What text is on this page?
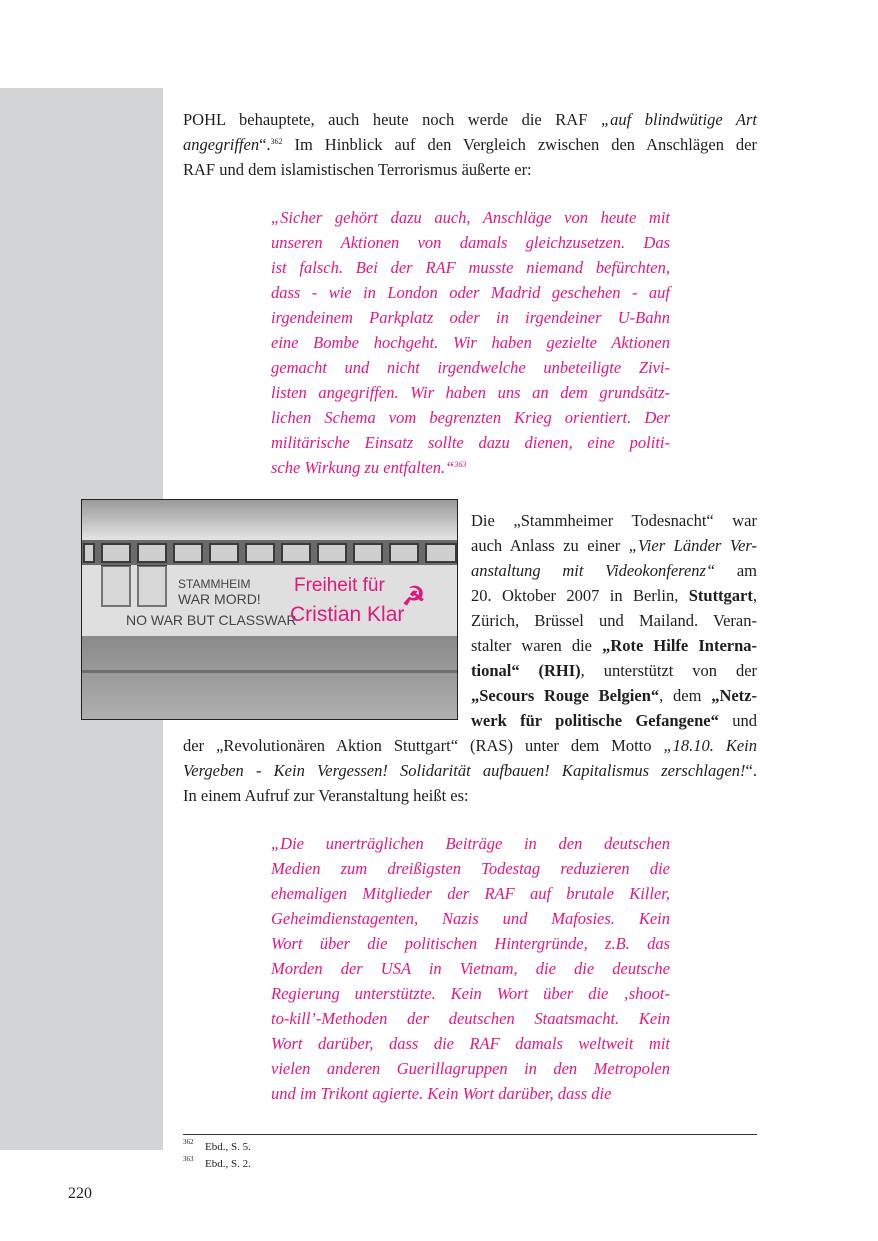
POHL behauptete, auch heute noch werde die RAF „auf blindwütige Art
angegriffen“.$^{362}$ Im Hinblick auf den Vergleich zwischen den Anschlägen der
RAF und dem islamistischen Terrorismus äußerte er:
„Sicher gehört dazu auch, Anschläge von heute mit
unseren Aktionen von damals gleichzusetzen. Das
ist falsch. Bei der RAF musste niemand befürchten,
dass - wie in London oder Madrid geschehen - auf
irgendeinem Parkplatz oder in irgendeiner U-Bahn
eine Bombe hochgeht. Wir haben gezielte Aktionen
gemacht und nicht irgendwelche unbeteiligte Zivi-
listen angegriffen. Wir haben uns an dem grundsätz-
lichen Schema vom begrenzten Krieg orientiert. Der
militärische Einsatz sollte dazu dienen, eine politi-
sche Wirkung zu entfalten.“$^{363}$
STAMMHEIM
WAR MORD!
NO WAR BUT CLASSWAR
Freiheit für
Cristian Klar
☭
Die „Stammheimer Todesnacht“ war
auch Anlass zu einer „Vier Länder Ver-
anstaltung mit Videokonferenz“ am
20. Oktober 2007 in Berlin, Stuttgart,
Zürich, Brüssel und Mailand. Veran-
stalter waren die „Rote Hilfe Interna-
tional“ (RHI), unterstützt von der
„Secours Rouge Belgien“, dem „Netz-
werk für politische Gefangene“ und
der „Revolutionären Aktion Stuttgart“ (RAS) unter dem Motto „18.10. Kein
Vergeben - Kein Vergessen! Solidarität aufbauen! Kapitalismus zerschlagen!“.
In einem Aufruf zur Veranstaltung heißt es:
„Die unerträglichen Beiträge in den deutschen
Medien zum dreißigsten Todestag reduzieren die
ehemaligen Mitglieder der RAF auf brutale Killer,
Geheimdienstagenten, Nazis und Mafosies. Kein
Wort über die politischen Hintergründe, z.B. das
Morden der USA in Vietnam, die die deutsche
Regierung unterstützte. Kein Wort über die ‚shoot-
to-kill’-Methoden der deutschen Staatsmacht. Kein
Wort darüber, dass die RAF damals weltweit mit
vielen anderen Guerillagruppen in den Metropolen
und im Trikont agierte. Kein Wort darüber, dass die
$^{362}$ Ebd., S. 5.
$^{363}$ Ebd., S. 2.
220
